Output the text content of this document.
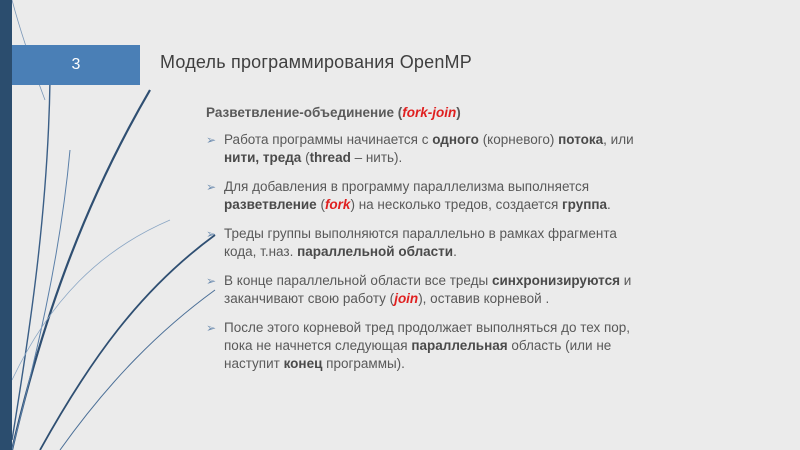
3	Модель программирования OpenMP
Разветвление-объединение (fork-join)
➢ Работа программы начинается с одного (корневого) потока, или нити, треда (thread – нить).
➢ Для добавления в программу параллелизма выполняется разветвление (fork) на несколько тредов, создается группа.
➢ Треды группы выполняются параллельно в рамках фрагмента кода, т.наз. параллельной области.
➢ В конце параллельной области все треды синхронизируются и заканчивают свою работу (join), оставив корневой .
➢ После этого корневой тред продолжает выполняться до тех пор, пока не начнется следующая параллельная область (или не наступит конец программы).
